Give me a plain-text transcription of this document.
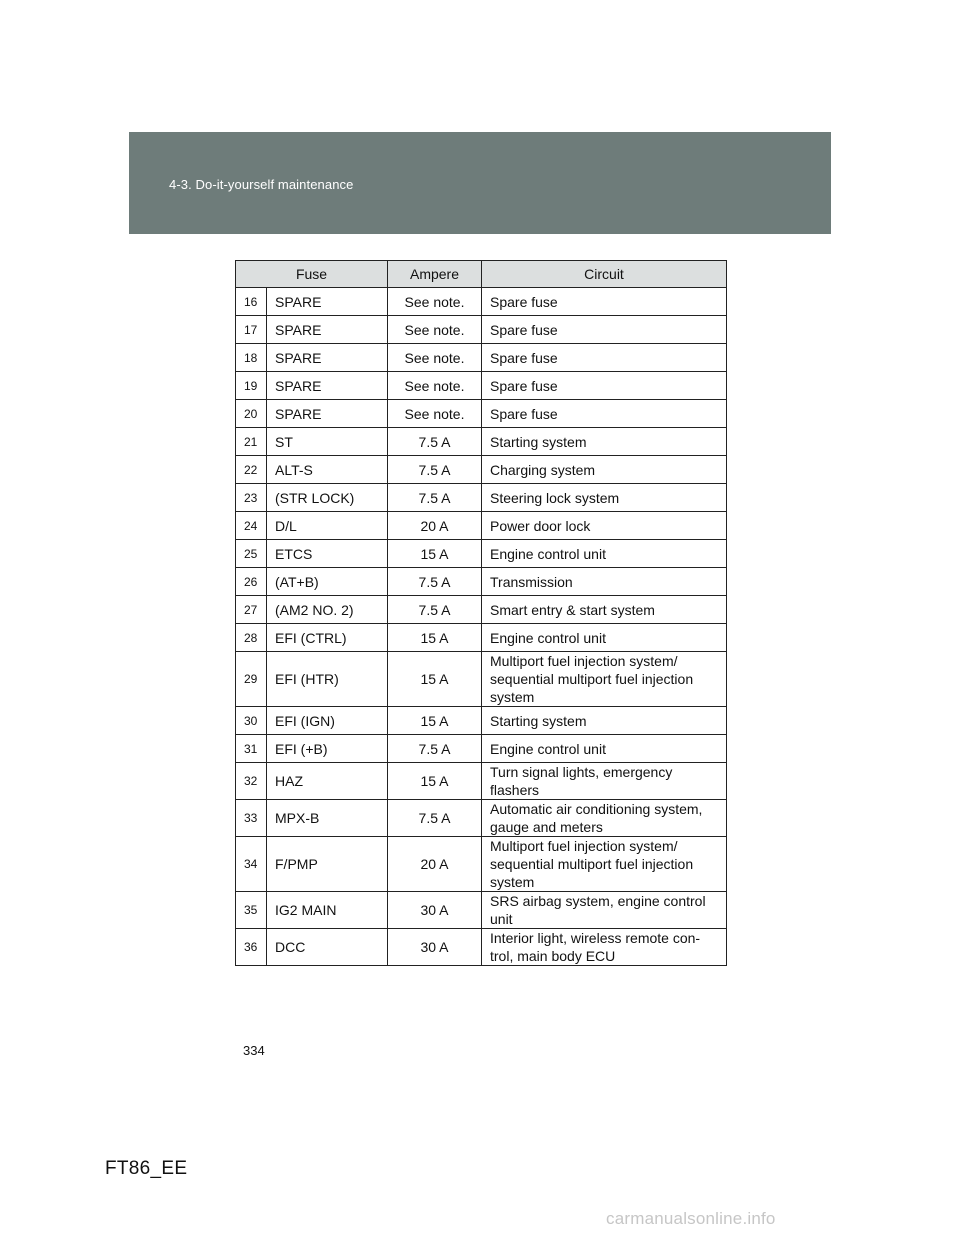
4-3. Do-it-yourself maintenance
Fuse		Ampere	Circuit
16	SPARE	See note.	Spare fuse
17	SPARE	See note.	Spare fuse
18	SPARE	See note.	Spare fuse
19	SPARE	See note.	Spare fuse
20	SPARE	See note.	Spare fuse
21	ST	7.5 A	Starting system
22	ALT-S	7.5 A	Charging system
23	(STR LOCK)	7.5 A	Steering lock system
24	D/L	20 A	Power door lock
25	ETCS	15 A	Engine control unit
26	(AT+B)	7.5 A	Transmission
27	(AM2 NO. 2)	7.5 A	Smart entry & start system
28	EFI (CTRL)	15 A	Engine control unit
29	EFI (HTR)	15 A	Multiport fuel injection system/ sequential multiport fuel injection system
30	EFI (IGN)	15 A	Starting system
31	EFI (+B)	7.5 A	Engine control unit
32	HAZ	15 A	Turn signal lights, emergency flashers
33	MPX-B	7.5 A	Automatic air conditioning system, gauge and meters
34	F/PMP	20 A	Multiport fuel injection system/ sequential multiport fuel injection system
35	IG2 MAIN	30 A	SRS airbag system, engine control unit
36	DCC	30 A	Interior light, wireless remote con-trol, main body ECU
334
FT86_EE
carmanualsonline.info
